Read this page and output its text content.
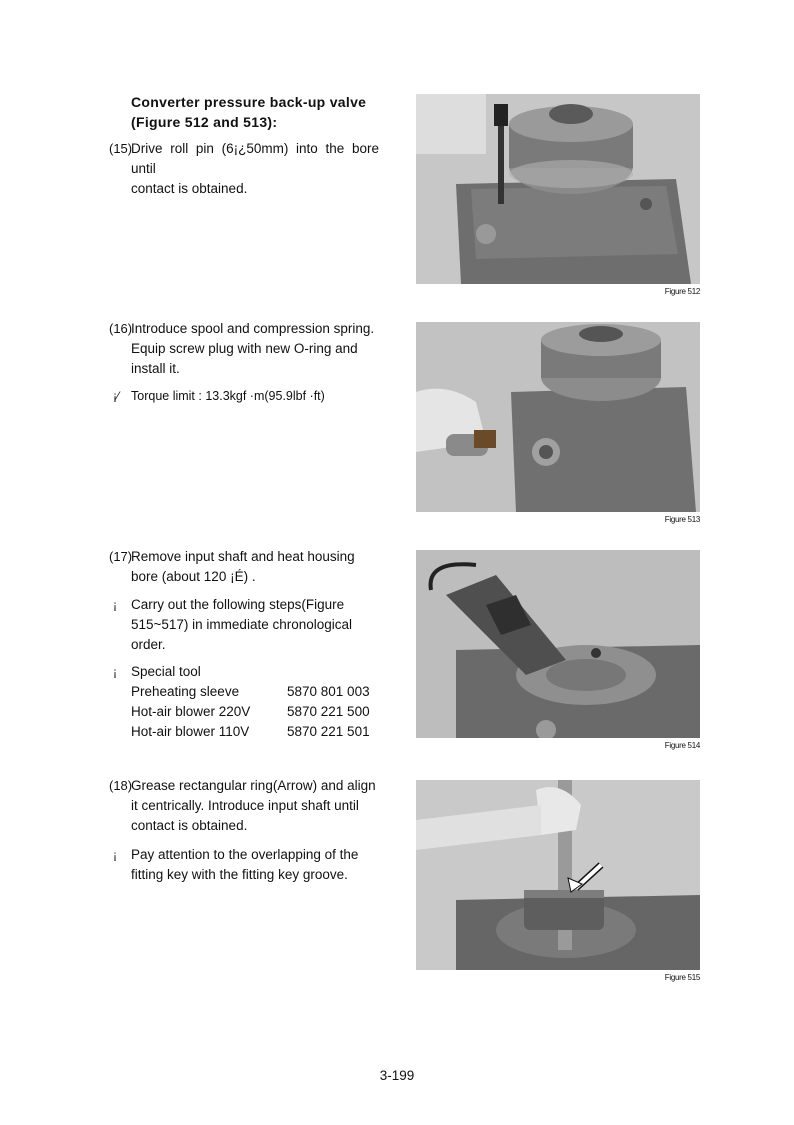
Converter pressure back-up valve
(Figure 512 and 513):
(15)
Drive roll pin (6¡¿50mm) into the bore until
contact is obtained.
Figure 512
(16)
Introduce spool and compression spring.
Equip screw plug with new O-ring and
install it.
¡⁄ Torque limit : 13.3kgf ·m(95.9lbf ·ft)
Figure 513
(17)
Remove input shaft and heat housing
bore (about 120 ¡É) .
¡ Carry out the following steps(Figure
515~517) in immediate chronological
order.
¡ Special tool
Preheating sleeve	5870 801 003
Hot-air blower 220V	5870 221 500
Hot-air blower 110V	5870 221 501
Figure 514
(18)
Grease rectangular ring(Arrow) and align
it centrically. Introduce input shaft until
contact is obtained.
¡ Pay attention to the overlapping of the
fitting key with the fitting key groove.
Figure 515
3-199
